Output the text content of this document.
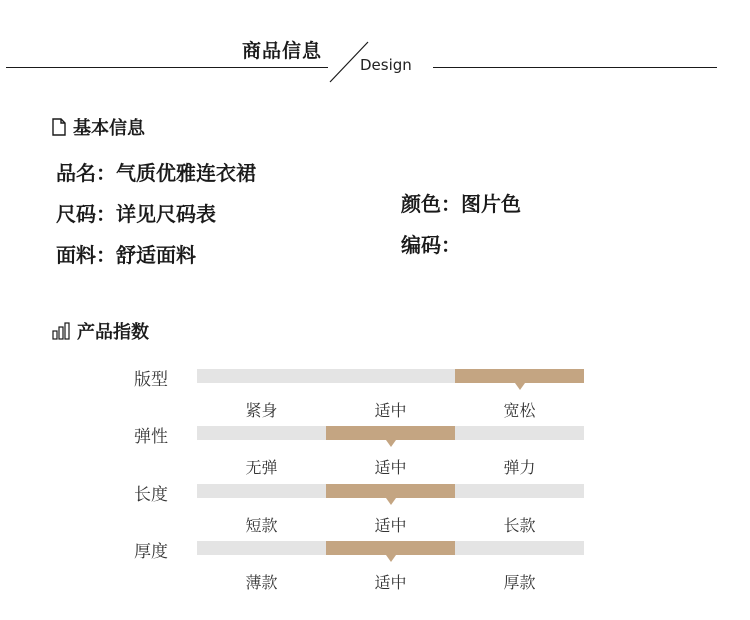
商品信息
Design
基本信息
品名：气质优雅连衣裙
尺码：详见尺码表
面料：舒适面料
颜色：图片色
编码：
产品指数
版型
紧身	适中	宽松
弹性
无弹	适中	弹力
长度
短款	适中	长款
厚度
薄款	适中	厚款
